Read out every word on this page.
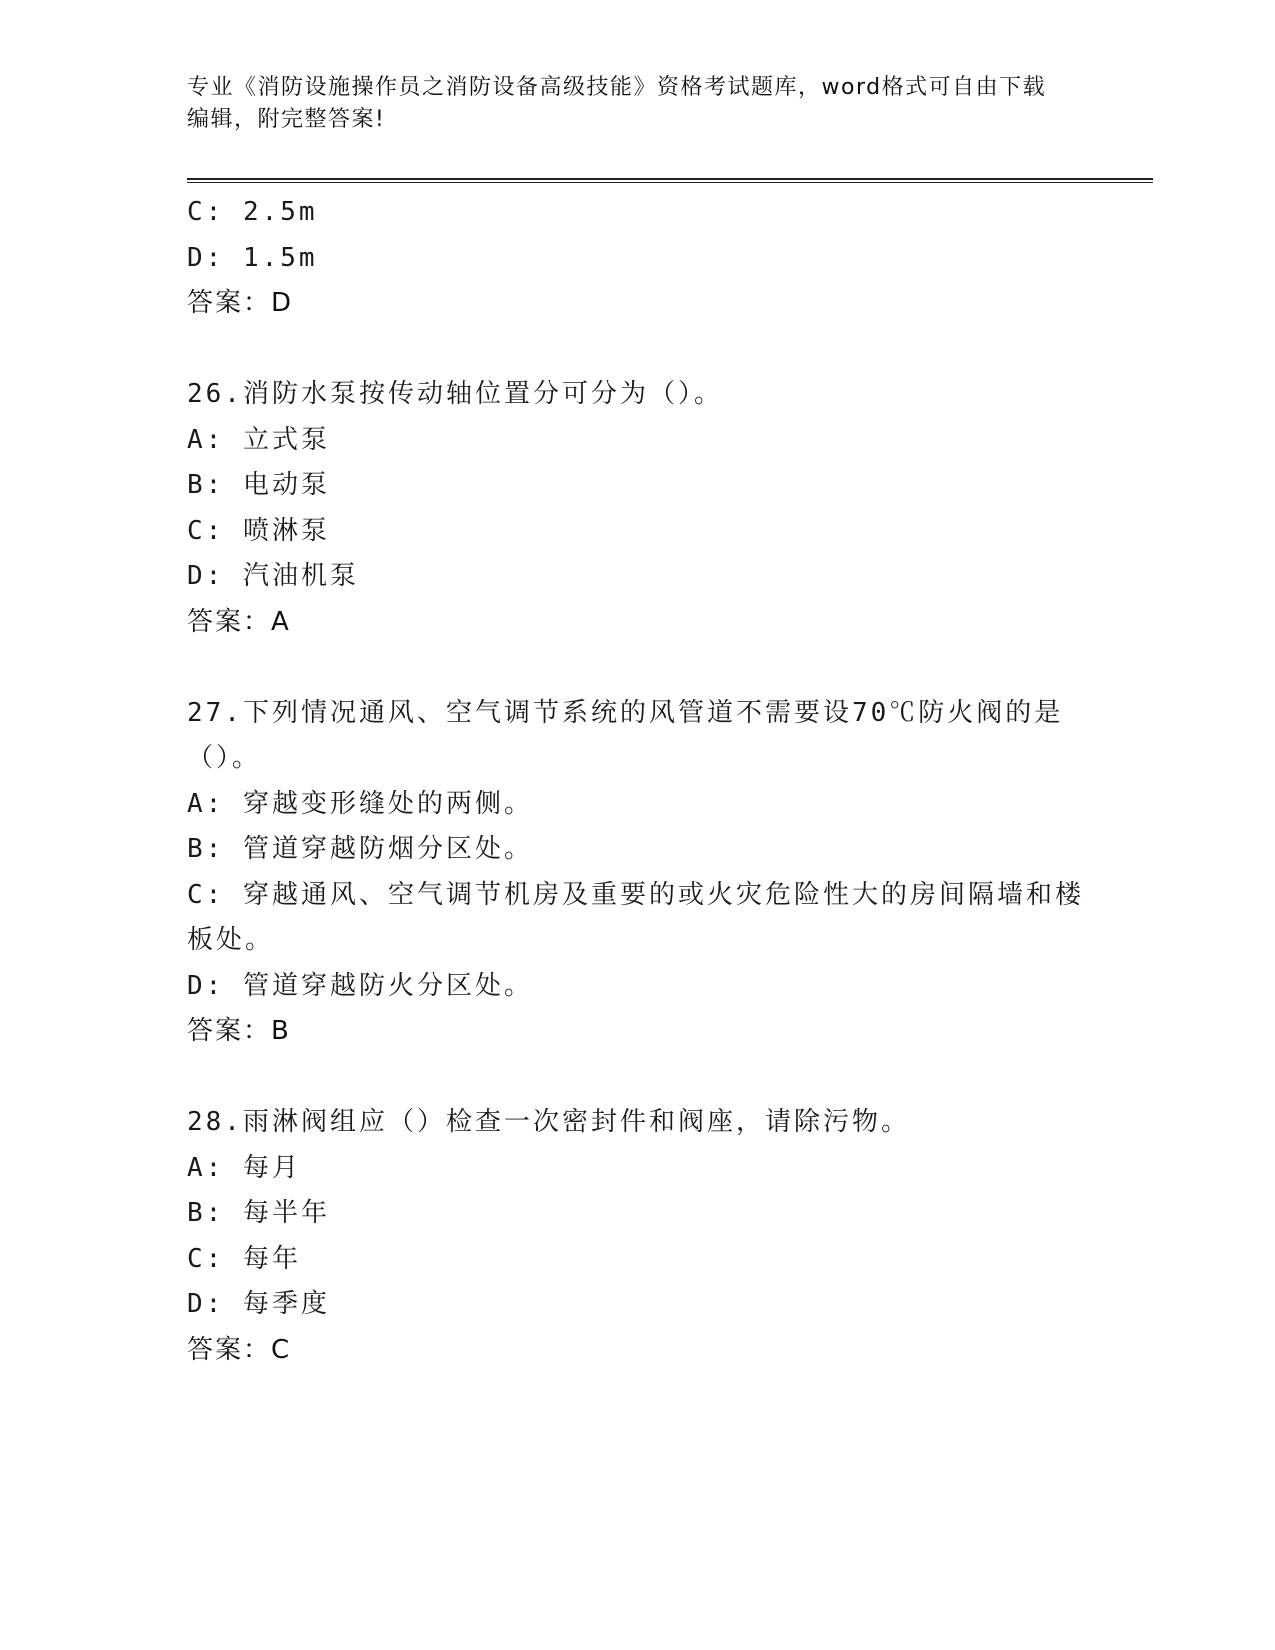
专业《消防设施操作员之消防设备高级技能》资格考试题库，word格式可自由下载编辑，附完整答案!
C: 2.5m
D: 1.5m
答案：D
26.消防水泵按传动轴位置分可分为（）。
A: 立式泵
B: 电动泵
C: 喷淋泵
D: 汽油机泵
答案：A
27.下列情况通风、空气调节系统的风管道不需要设70℃防火阀的是（）。
A: 穿越变形缝处的两侧。
B: 管道穿越防烟分区处。
C: 穿越通风、空气调节机房及重要的或火灾危险性大的房间隔墙和楼板处。
D: 管道穿越防火分区处。
答案：B
28.雨淋阀组应（）检查一次密封件和阀座，请除污物。
A: 每月
B: 每半年
C: 每年
D: 每季度
答案：C
